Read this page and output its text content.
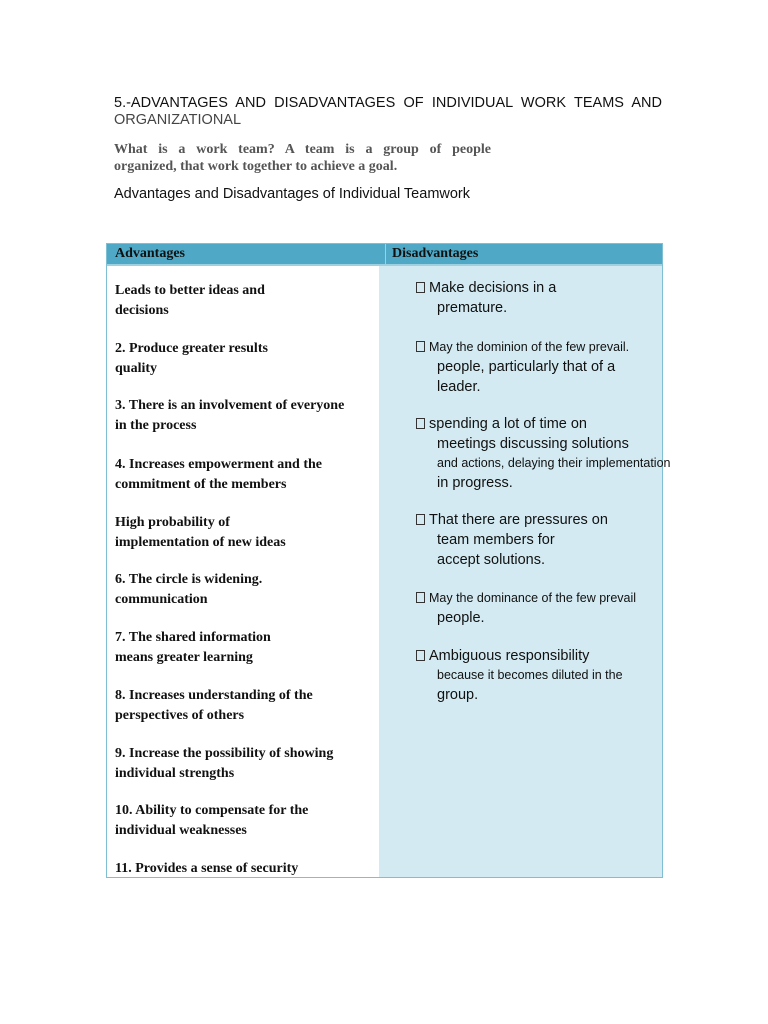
5.-ADVANTAGES AND DISADVANTAGES OF INDIVIDUAL WORK TEAMS AND
ORGANIZATIONAL
What is a work team? A team is a group of people
organized, that work together to achieve a goal.
Advantages and Disadvantages of Individual Teamwork
Advantages	Disadvantages
Leads to better ideas and
decisions
2. Produce greater results
quality
3. There is an involvement of everyone
in the process
4. Increases empowerment and the
commitment of the members
High probability of
implementation of new ideas
6. The circle is widening.
communication
7. The shared information
means greater learning
8. Increases understanding of the
perspectives of others
9. Increase the possibility of showing
individual strengths
10. Ability to compensate for the
individual weaknesses
11. Provides a sense of security
Make decisions in a
premature.
May the dominion of the few prevail.
people, particularly that of a
leader.
spending a lot of time on
meetings discussing solutions
and actions, delaying their implementation
in progress.
That there are pressures on
team members for
accept solutions.
May the dominance of the few prevail
people.
Ambiguous responsibility
because it becomes diluted in the
group.
